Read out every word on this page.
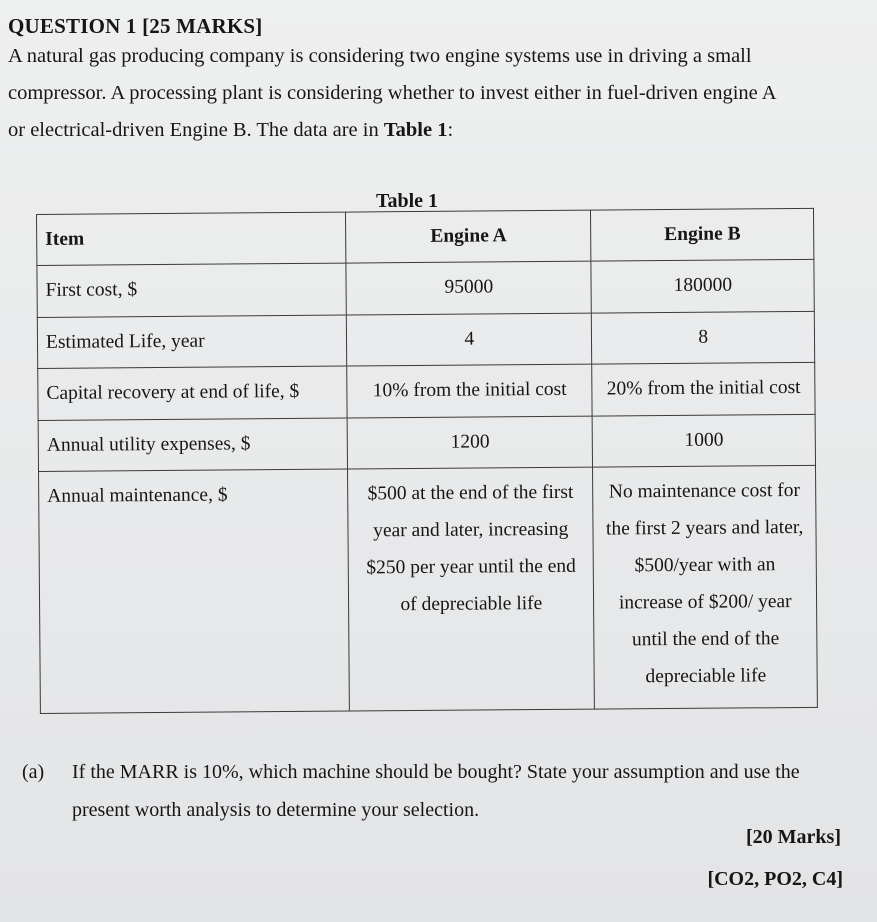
QUESTION 1 [25 MARKS]
A natural gas producing company is considering two engine systems use in driving a small
compressor. A processing plant is considering whether to invest either in fuel-driven engine A
or electrical-driven Engine B. The data are in Table 1:
Table 1
Item	Engine A	Engine B
First cost, $	95000	180000
Estimated Life, year	4	8
Capital recovery at end of life, $	10% from the initial cost	20% from the initial cost
Annual utility expenses, $	1200	1000
Annual maintenance, $	$500 at the end of the first year and later, increasing $250 per year until the end of depreciable life	No maintenance cost for the first 2 years and later, $500/year with an increase of $200/ year until the end of the depreciable life
(a) If the MARR is 10%, which machine should be bought? State your assumption and use the present worth analysis to determine your selection.
[20 Marks]
[CO2, PO2, C4]
